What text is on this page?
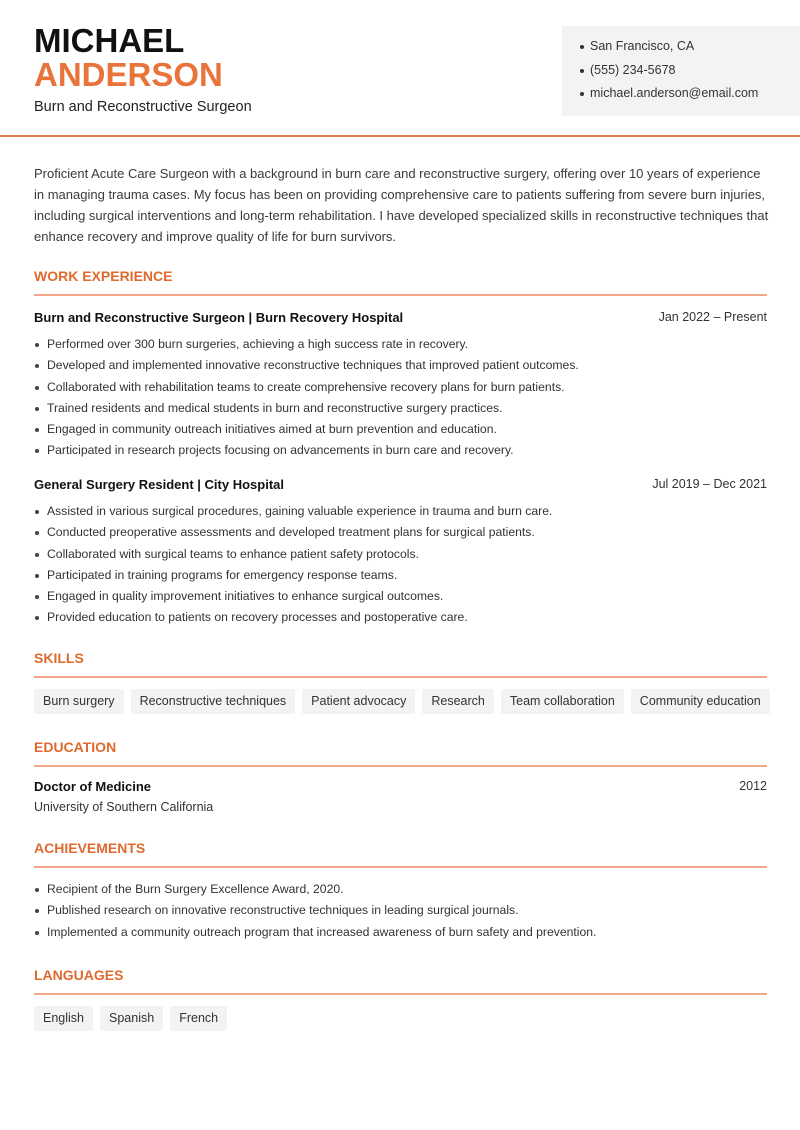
MICHAEL
ANDERSON
Burn and Reconstructive Surgeon
San Francisco, CA
(555) 234-5678
michael.anderson@email.com

Proficient Acute Care Surgeon with a background in burn care and reconstructive surgery, offering over 10 years of experience in managing trauma cases. My focus has been on providing comprehensive care to patients suffering from severe burn injuries, including surgical interventions and long-term rehabilitation. I have developed specialized skills in reconstructive techniques that enhance recovery and improve quality of life for burn survivors.

WORK EXPERIENCE
Burn and Reconstructive Surgeon | Burn Recovery Hospital	Jan 2022 – Present
Performed over 300 burn surgeries, achieving a high success rate in recovery.
Developed and implemented innovative reconstructive techniques that improved patient outcomes.
Collaborated with rehabilitation teams to create comprehensive recovery plans for burn patients.
Trained residents and medical students in burn and reconstructive surgery practices.
Engaged in community outreach initiatives aimed at burn prevention and education.
Participated in research projects focusing on advancements in burn care and recovery.
General Surgery Resident | City Hospital	Jul 2019 – Dec 2021
Assisted in various surgical procedures, gaining valuable experience in trauma and burn care.
Conducted preoperative assessments and developed treatment plans for surgical patients.
Collaborated with surgical teams to enhance patient safety protocols.
Participated in training programs for emergency response teams.
Engaged in quality improvement initiatives to enhance surgical outcomes.
Provided education to patients on recovery processes and postoperative care.
SKILLS
Burn surgery	Reconstructive techniques	Patient advocacy	Research	Team collaboration	Community education
EDUCATION
Doctor of Medicine	2012
University of Southern California
ACHIEVEMENTS
Recipient of the Burn Surgery Excellence Award, 2020.
Published research on innovative reconstructive techniques in leading surgical journals.
Implemented a community outreach program that increased awareness of burn safety and prevention.
LANGUAGES
English	Spanish	French
